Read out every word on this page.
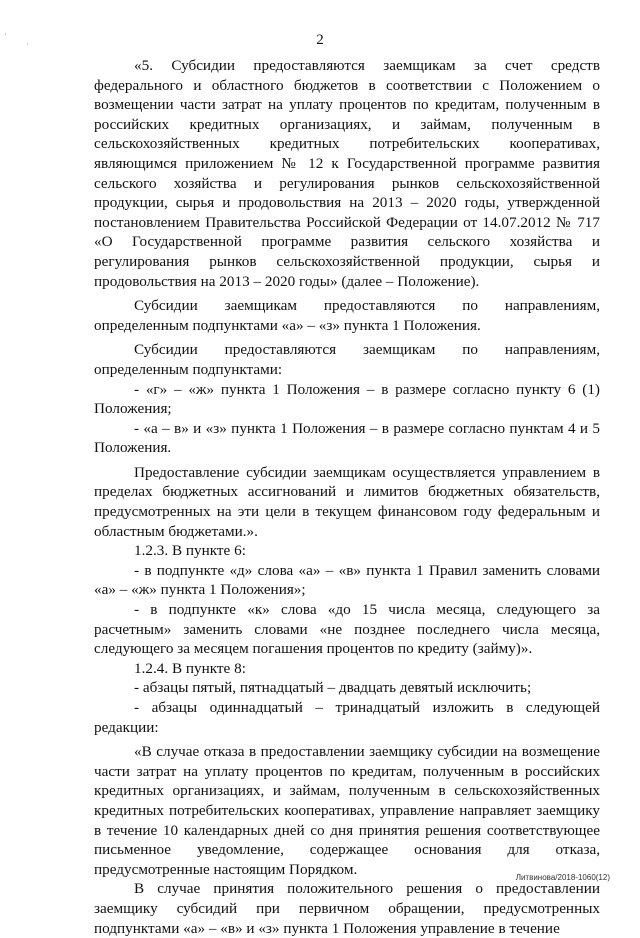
·
·	2

«5. Субсидии предоставляются заемщикам за счет средств федерального и областного бюджетов в соответствии с Положением о возмещении части затрат на уплату процентов по кредитам, полученным в российских кредитных организациях, и займам, полученным в сельскохозяйственных кредитных потребительских кооперативах, являющимся приложением № 12 к Государственной программе развития сельского хозяйства и регулирования рынков сельскохозяйственной продукции, сырья и продовольствия на 2013 – 2020 годы, утвержденной постановлением Правительства Российской Федерации от 14.07.2012 № 717 «О Государственной программе развития сельского хозяйства и регулирования рынков сельскохозяйственной продукции, сырья и продовольствия на 2013 – 2020 годы» (далее – Положение).

Субсидии заемщикам предоставляются по направлениям, определенным подпунктами «а» – «з» пункта 1 Положения.

Субсидии предоставляются заемщикам по направлениям, определенным подпунктами:

- «г» – «ж» пункта 1 Положения – в размере согласно пункту 6 (1) Положения;

- «а – в» и «з» пункта 1 Положения – в размере согласно пунктам 4 и 5 Положения.

Предоставление субсидии заемщикам осуществляется управлением в пределах бюджетных ассигнований и лимитов бюджетных обязательств, предусмотренных на эти цели в текущем финансовом году федеральным и областным бюджетами.».

1.2.3. В пункте 6:

- в подпункте «д» слова «а» – «в» пункта 1 Правил заменить словами «а» – «ж» пункта 1 Положения»;

- в подпункте «к» слова «до 15 числа месяца, следующего за расчетным» заменить словами «не позднее последнего числа месяца, следующего за месяцем погашения процентов по кредиту (займу)».

1.2.4. В пункте 8:

- абзацы пятый, пятнадцатый – двадцать девятый исключить;

- абзацы одиннадцатый – тринадцатый изложить в следующей редакции:

«В случае отказа в предоставлении заемщику субсидии на возмещение части затрат на уплату процентов по кредитам, полученным в российских кредитных организациях, и займам, полученным в сельскохозяйственных кредитных потребительских кооперативах, управление направляет заемщику в течение 10 календарных дней со дня принятия решения соответствующее письменное уведомление, содержащее основания для отказа, предусмотренные настоящим Порядком.

В случае принятия положительного решения о предоставлении заемщику субсидий при первичном обращении, предусмотренных подпунктами «а» – «в» и «з» пункта 1 Положения управление в течение

Литвинова/2018-1060(12)
